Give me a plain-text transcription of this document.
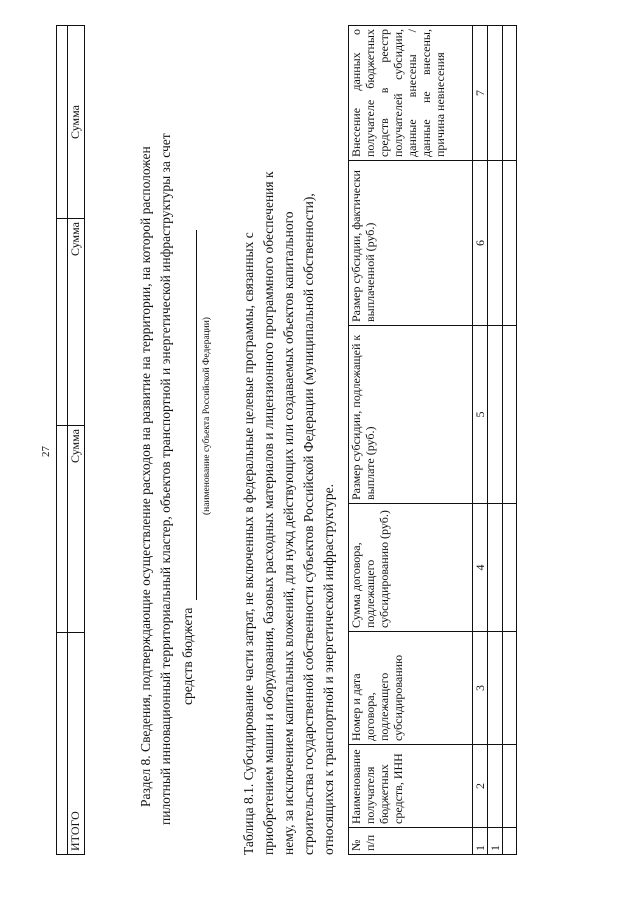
27

ИТОГО	Сумма	Сумма	Сумма
Раздел 8. Сведения, подтверждающие осуществление расходов на развитие на территории, на которой расположен пилотный инновационный территориальный кластер, объектов транспортной и энергетической инфраструктуры за счет средств бюджета
(наименование субъекта Российской Федерации) Таблица 8.1. Субсидирование части затрат, не включенных в федеральные целевые программы, связанных с приобретением машин и оборудования, базовых расходных материалов и лицензионного программного обеспечения к нему, за исключением капитальных вложений, для нужд действующих или создаваемых объектов капитального строительства государственной собственности субъектов Российской Федерации (муниципальной собственности), относящихся к транспортной и энергетической инфраструктуре. № п/п	Наименование получателя бюджетных средств, ИНН	Номер и дата договора, подлежащего субсидированию	Сумма договора, подлежащего субсидированию (руб.)	Размер субсидии, подлежащей к выплате (руб.)	Размер субсидии, фактически выплаченной (руб.)	Внесение данных о получателе бюджетных средств в реестр получателей субсидии, данные внесены / данные не внесены, причина невнесения
1	2	3	4	5	6	7
1						
